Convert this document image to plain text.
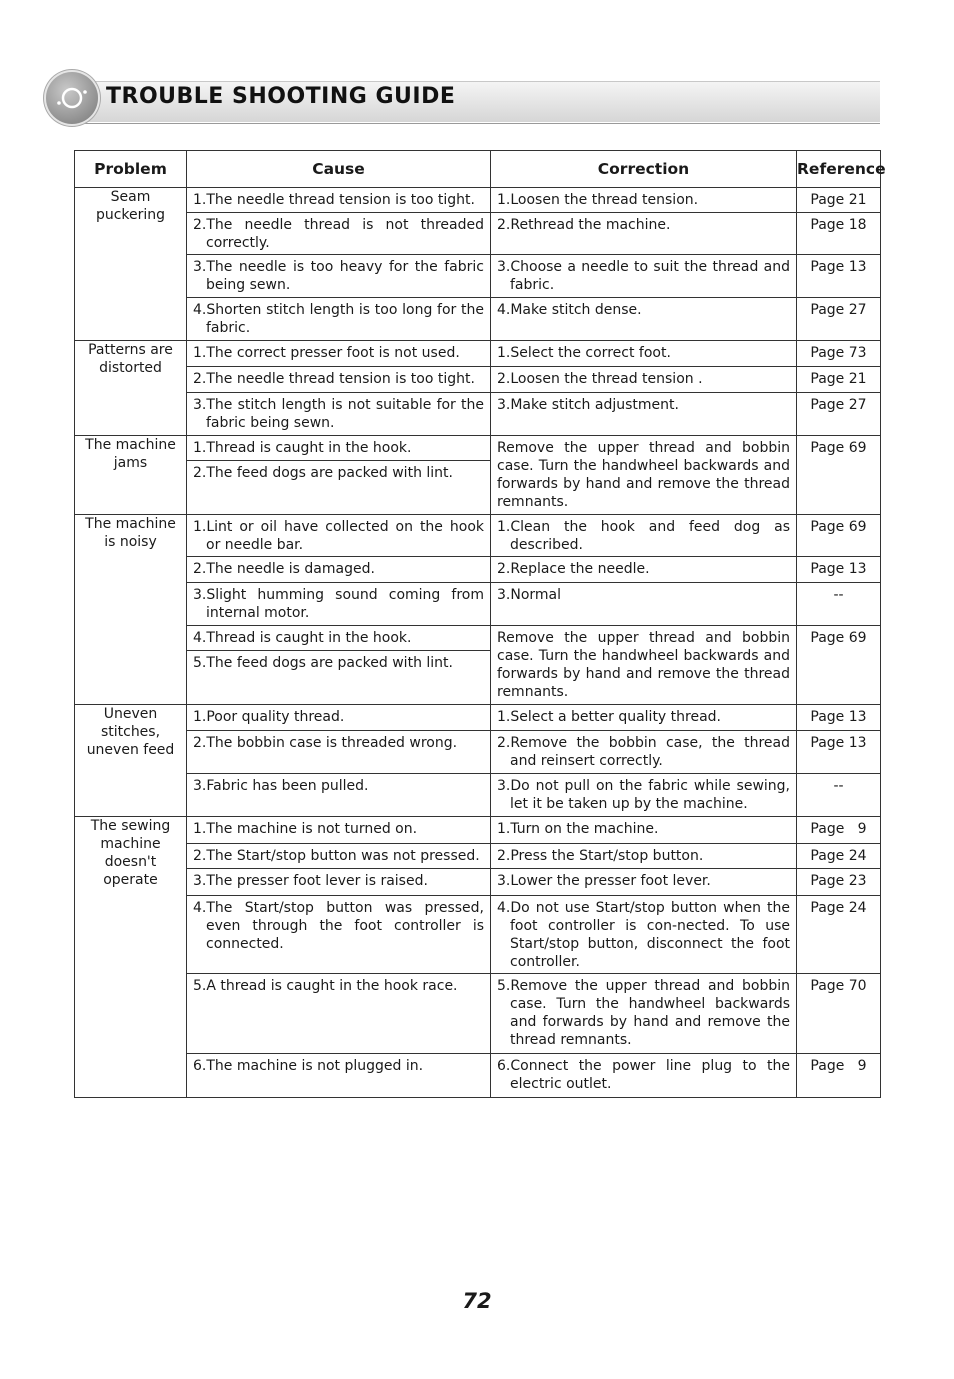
TROUBLE SHOOTING GUIDE
Problem	Cause	Correction	Reference
Seam
puckering	1.The needle thread tension is too tight.	1.Loosen the thread tension.	Page 21

	2.The needle thread is not threaded correctly.	2.Rethread the machine.	Page 18

	3.The needle is too heavy for the fabric being sewn.	3.Choose a needle to suit the thread and fabric.	Page 13

	4.Shorten stitch length is too long for the fabric.	4.Make stitch dense.	Page 27
Patterns are
distorted	1.The correct presser foot is not used.	1.Select the correct foot.	Page 73

	2.The needle thread tension is too tight.	2.Loosen the thread tension .	Page 21

	3.The stitch length is not suitable for the fabric being sewn.	3.Make stitch adjustment.	Page 27
The machine
jams	1.Thread is caught in the hook.	Remove the upper thread and bobbin case. Turn the handwheel backwards and forwards by hand and remove the thread remnants.	Page 69

	2.The feed dogs are packed with lint.		

The machine
is noisy	1.Lint or oil have collected on the hook or needle bar.	1.Clean the hook and feed dog as described.	Page 69

	2.The needle is damaged.	2.Replace the needle.	Page 13

	3.Slight humming sound coming from internal motor.	3.Normal	--

	4.Thread is caught in the hook.	Remove the upper thread and bobbin case. Turn the handwheel backwards and forwards by hand and remove the thread remnants.	Page 69

	5.The feed dogs are packed with lint.		

Uneven
stitches,
uneven feed	1.Poor quality thread.	1.Select a better quality thread.	Page 13

	2.The bobbin case is threaded wrong.	2.Remove the bobbin case, the thread and reinsert correctly.	Page 13

	3.Fabric has been pulled.	3.Do not pull on the fabric while sewing, let it be taken up by the machine.	--
The sewing
machine
doesn't
operate	1.The machine is not turned on.	1.Turn on the machine.	Page   9

	2.The Start/stop button was not pressed.	2.Press the Start/stop button.	Page 24

	3.The presser foot lever is raised.	3.Lower the presser foot lever.	Page 23

	4.The Start/stop button was pressed, even through the foot controller is connected.	4.Do not use Start/stop button when the foot controller is con-nected. To use Start/stop button, disconnect the foot controller.	Page 24

	5.A thread is caught in the hook race.	5.Remove the upper thread and bobbin case. Turn the handwheel backwards and forwards by hand and remove the thread remnants.	Page 70

	6.The machine is not plugged in.	6.Connect the power line plug to the electric outlet.	Page   9
72
